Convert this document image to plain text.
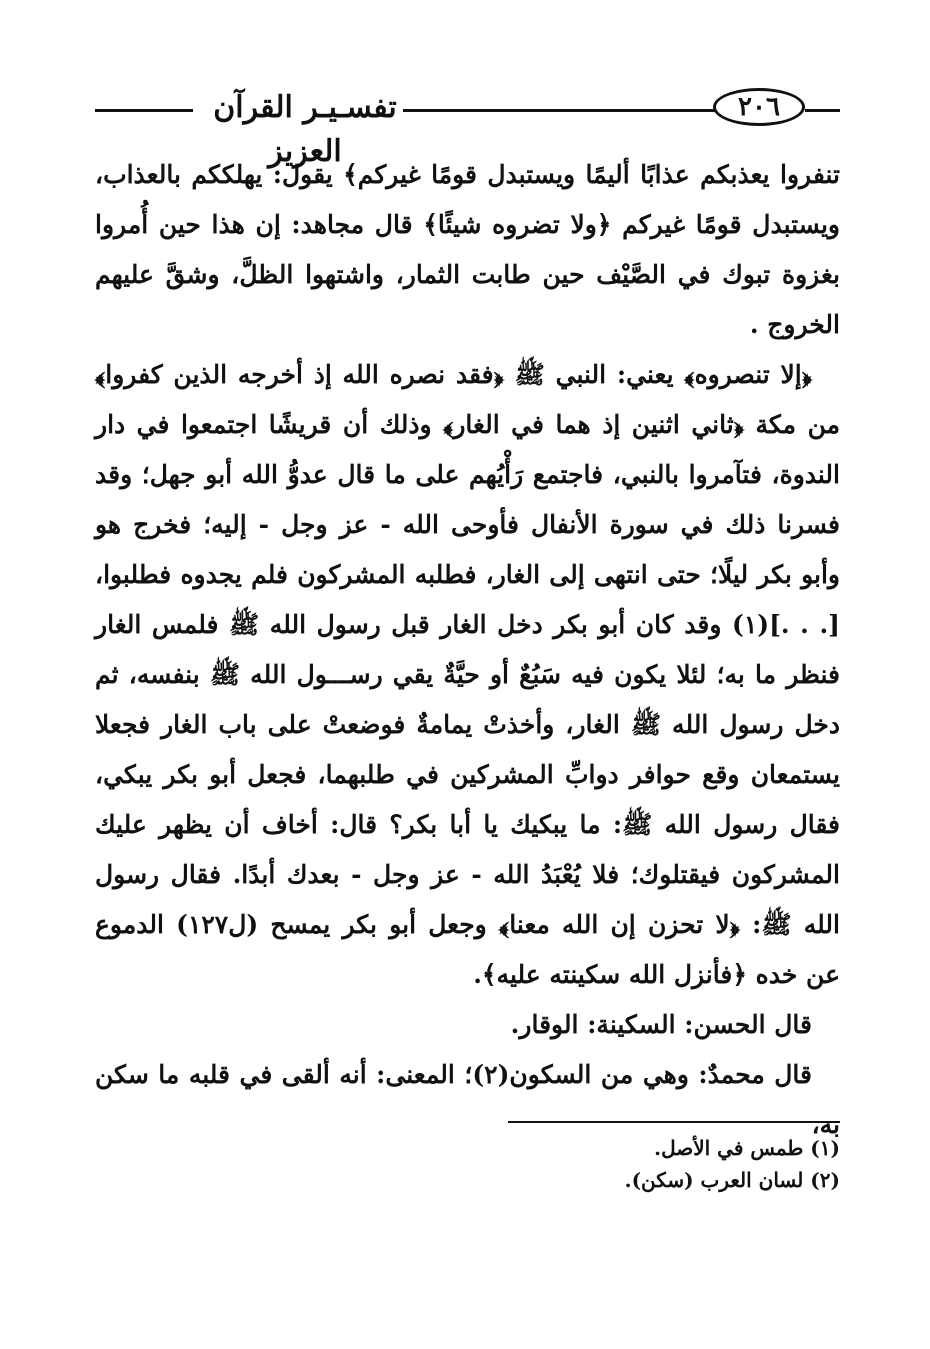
تفسـيـر القرآن العزيز
٢٠٦

تنفروا يعذبكم عذابًا أليمًا ويستبدل قومًا غيركم﴾ يقول: يهلككم بالعذاب، ويستبدل قومًا غيركم ﴿ولا تضروه شيئًا﴾ قال مجاهد: إن هذا حين أُمروا بغزوة تبوك في الصَّيْف حين طابت الثمار، واشتهوا الظلَّ، وشقَّ عليهم الخروج .

﴿إلا تنصروه﴾ يعني: النبي ﷺ ﴿فقد نصره الله إذ أخرجه الذين كفروا﴾ من مكة ﴿ثاني اثنين إذ هما في الغار﴾ وذلك أن قريشًا اجتمعوا في دار الندوة، فتآمروا بالنبي، فاجتمع رَأْيُهم على ما قال عدوُّ الله أبو جهل؛ وقد فسرنا ذلك في سورة الأنفال فأوحى الله - عز وجل - إليه؛ فخرج هو وأبو بكر ليلًا؛ حتى انتهى إلى الغار، فطلبه المشركون فلم يجدوه فطلبوا، [. . .](١) وقد كان أبو بكر دخل الغار قبل رسول الله ﷺ فلمس الغار فنظر ما به؛ لئلا يكون فيه سَبُعٌ أو حيَّةٌ يقي رســـول الله ﷺ بنفسه، ثم دخل رسول الله ﷺ الغار، وأخذتْ يمامةٌ فوضعتْ على باب الغار فجعلا يستمعان وقع حوافر دوابِّ المشركين في طلبهما، فجعل أبو بكر يبكي، فقال رسول الله ﷺ: ما يبكيك يا أبا بكر؟ قال: أخاف أن يظهر عليك المشركون فيقتلوك؛ فلا يُعْبَدُ الله - عز وجل - بعدك أبدًا. فقال رسول الله ﷺ: ﴿لا تحزن إن الله معنا﴾ وجعل أبو بكر يمسح (ل١٢٧) الدموع عن خده ﴿فأنزل الله سكينته عليه﴾.

قال الحسن: السكينة: الوقار.

قال محمدٌ: وهي من السكون(٢)؛ المعنى: أنه ألقى في قلبه ما سكن به،

(١) طمس في الأصل.

(٢) لسان العرب (سكن).
